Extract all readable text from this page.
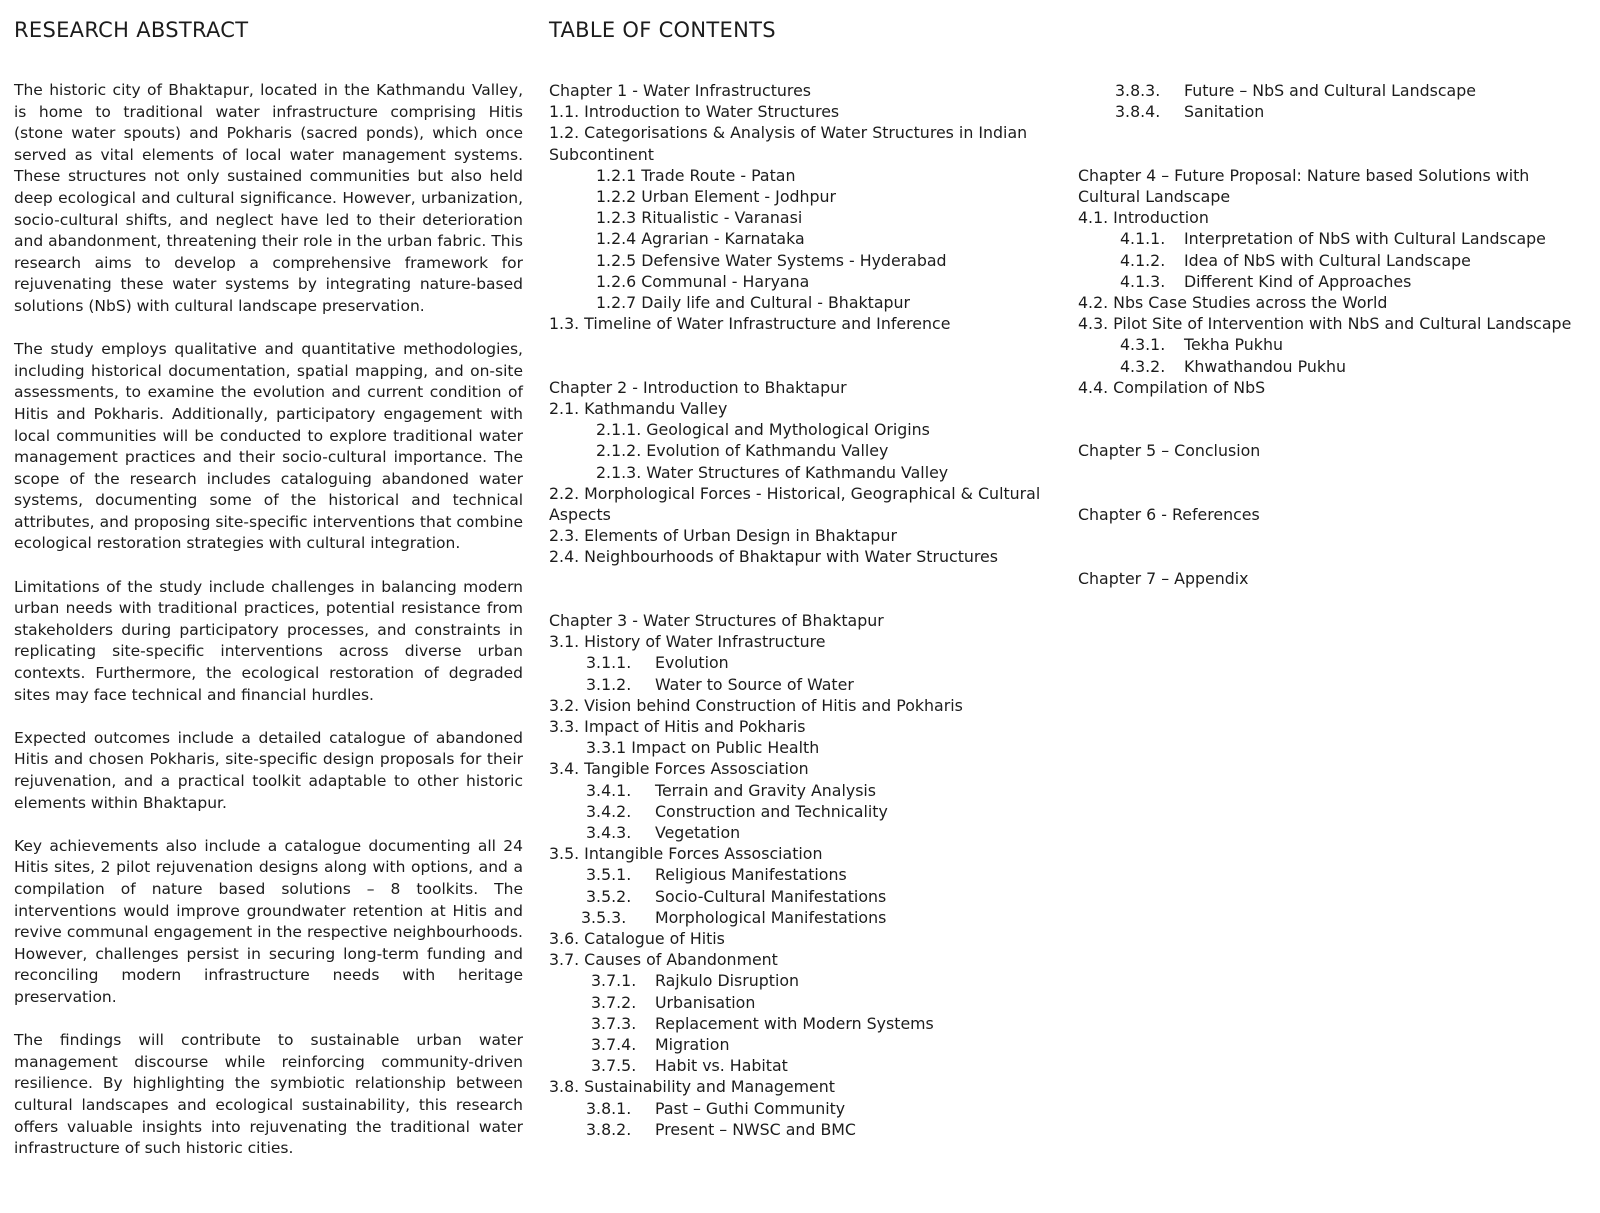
RESEARCH ABSTRACT	TABLE OF CONTENTS

The historic city of Bhaktapur, located in the Kathmandu Valley, is home to traditional water infrastructure comprising Hitis (stone water spouts) and Pokharis (sacred ponds), which once served as vital elements of local water management systems. These structures not only sustained communities but also held deep ecological and cultural significance. However, urbanization, socio-cultural shifts, and neglect have led to their deterioration and abandonment, threatening their role in the urban fabric. This research aims to develop a comprehensive framework for rejuvenating these water systems by integrating nature-based solutions (NbS) with cultural landscape preservation.

The study employs qualitative and quantitative methodologies, including historical documentation, spatial mapping, and on-site assessments, to examine the evolution and current condition of Hitis and Pokharis. Additionally, participatory engagement with local communities will be conducted to explore traditional water management practices and their socio-cultural importance. The scope of the research includes cataloguing abandoned water systems, documenting some of the historical and technical attributes, and proposing site-specific interventions that combine ecological restoration strategies with cultural integration.

Limitations of the study include challenges in balancing modern urban needs with traditional practices, potential resistance from stakeholders during participatory processes, and constraints in replicating site-specific interventions across diverse urban contexts. Furthermore, the ecological restoration of degraded sites may face technical and financial hurdles.

Expected outcomes include a detailed catalogue of abandoned Hitis and chosen Pokharis, site-specific design proposals for their rejuvenation, and a practical toolkit adaptable to other historic elements within Bhaktapur.

Key achievements also include a catalogue documenting all 24 Hitis sites, 2 pilot rejuvenation designs along with options, and a compilation of nature based solutions – 8 toolkits. The interventions would improve groundwater retention at Hitis and revive communal engagement in the respective neighbourhoods. However, challenges persist in securing long-term funding and reconciling modern infrastructure needs with heritage preservation.

The findings will contribute to sustainable urban water management discourse while reinforcing community-driven resilience. By highlighting the symbiotic relationship between cultural landscapes and ecological sustainability, this research offers valuable insights into rejuvenating the traditional water infrastructure of such historic cities.

Chapter 1 - Water Infrastructures
1.1. Introduction to Water Structures
1.2. Categorisations & Analysis of Water Structures in Indian Subcontinent
1.2.1 Trade Route - Patan
1.2.2 Urban Element - Jodhpur
1.2.3 Ritualistic - Varanasi
1.2.4 Agrarian - Karnataka
1.2.5 Defensive Water Systems - Hyderabad
1.2.6 Communal - Haryana
1.2.7 Daily life and Cultural - Bhaktapur
1.3. Timeline of Water Infrastructure and Inference
Chapter 2 - Introduction to Bhaktapur
2.1. Kathmandu Valley
2.1.1. Geological and Mythological Origins
2.1.2. Evolution of Kathmandu Valley
2.1.3. Water Structures of Kathmandu Valley
2.2. Morphological Forces - Historical, Geographical & Cultural Aspects
2.3. Elements of Urban Design in Bhaktapur
2.4. Neighbourhoods of Bhaktapur with Water Structures
Chapter 3 - Water Structures of Bhaktapur
3.1. History of Water Infrastructure
3.1.1.	Evolution
3.1.2.	Water to Source of Water
3.2. Vision behind Construction of Hitis and Pokharis
3.3. Impact of Hitis and Pokharis
3.3.1 Impact on Public Health
3.4. Tangible Forces Assosciation
3.4.1.	Terrain and Gravity Analysis
3.4.2.	Construction and Technicality
3.4.3.	Vegetation
3.5. Intangible Forces Assosciation
3.5.1.	Religious Manifestations
3.5.2.	Socio-Cultural Manifestations
3.5.3.	Morphological Manifestations
3.6. Catalogue of Hitis
3.7. Causes of Abandonment
3.7.1.	Rajkulo Disruption
3.7.2.	Urbanisation
3.7.3.	Replacement with Modern Systems
3.7.4.	Migration
3.7.5.	Habit vs. Habitat
3.8. Sustainability and Management
3.8.1.	Past – Guthi Community
3.8.2.	Present – NWSC and BMC
3.8.3.	Future – NbS and Cultural Landscape
3.8.4.	Sanitation
Chapter 4 – Future Proposal: Nature based Solutions with Cultural Landscape
4.1. Introduction
4.1.1.	Interpretation of NbS with Cultural Landscape
4.1.2.	Idea of NbS with Cultural Landscape
4.1.3.	Different Kind of Approaches
4.2. Nbs Case Studies across the World
4.3. Pilot Site of Intervention with NbS and Cultural Landscape
4.3.1.	Tekha Pukhu
4.3.2.	Khwathandou Pukhu
4.4. Compilation of NbS
Chapter 5 – Conclusion
Chapter 6 - References
Chapter 7 – Appendix
